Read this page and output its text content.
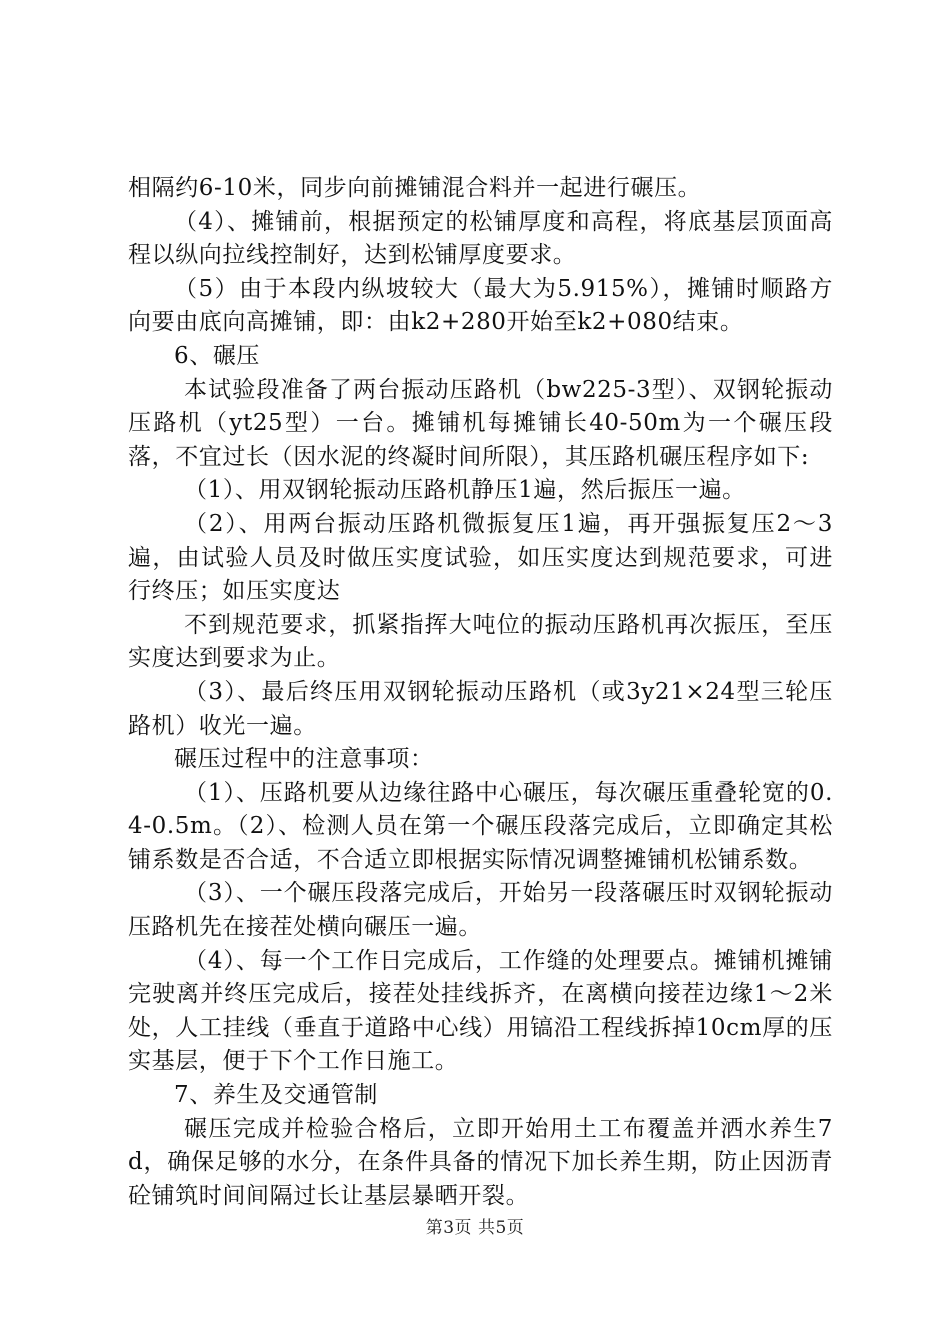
相隔约6-10米，同步向前摊铺混合料并一起进行碾压。

（4）、摊铺前，根据预定的松铺厚度和高程，将底基层顶面高程以纵向拉线控制好，达到松铺厚度要求。

（5）由于本段内纵坡较大（最大为5.915%），摊铺时顺路方向要由底向高摊铺，即：由k2+280开始至k2+080结束。

6、碾压

本试验段准备了两台振动压路机（bw225-3型）、双钢轮振动压路机（yt25型）一台。摊铺机每摊铺长40-50m为一个碾压段落，不宜过长（因水泥的终凝时间所限），其压路机碾压程序如下:

（1）、用双钢轮振动压路机静压1遍，然后振压一遍。

（2）、用两台振动压路机微振复压1遍，再开强振复压2～3遍，由试验人员及时做压实度试验，如压实度达到规范要求，可进行终压；如压实度达

不到规范要求，抓紧指挥大吨位的振动压路机再次振压，至压实度达到要求为止。

（3）、最后终压用双钢轮振动压路机（或3y21×24型三轮压路机）收光一遍。

碾压过程中的注意事项：

（1）、压路机要从边缘往路中心碾压，每次碾压重叠轮宽的0.4-0.5m。（2）、检测人员在第一个碾压段落完成后，立即确定其松铺系数是否合适，不合适立即根据实际情况调整摊铺机松铺系数。

（3）、一个碾压段落完成后，开始另一段落碾压时双钢轮振动压路机先在接茬处横向碾压一遍。

（4）、每一个工作日完成后，工作缝的处理要点。摊铺机摊铺完驶离并终压完成后，接茬处挂线拆齐，在离横向接茬边缘1～2米处，人工挂线（垂直于道路中心线）用镐沿工程线拆掉10cm厚的压实基层，便于下个工作日施工。

7、养生及交通管制

碾压完成并检验合格后，立即开始用土工布覆盖并洒水养生7d，确保足够的水分，在条件具备的情况下加长养生期，防止因沥青砼铺筑时间间隔过长让基层暴晒开裂。

第3页 共5页
